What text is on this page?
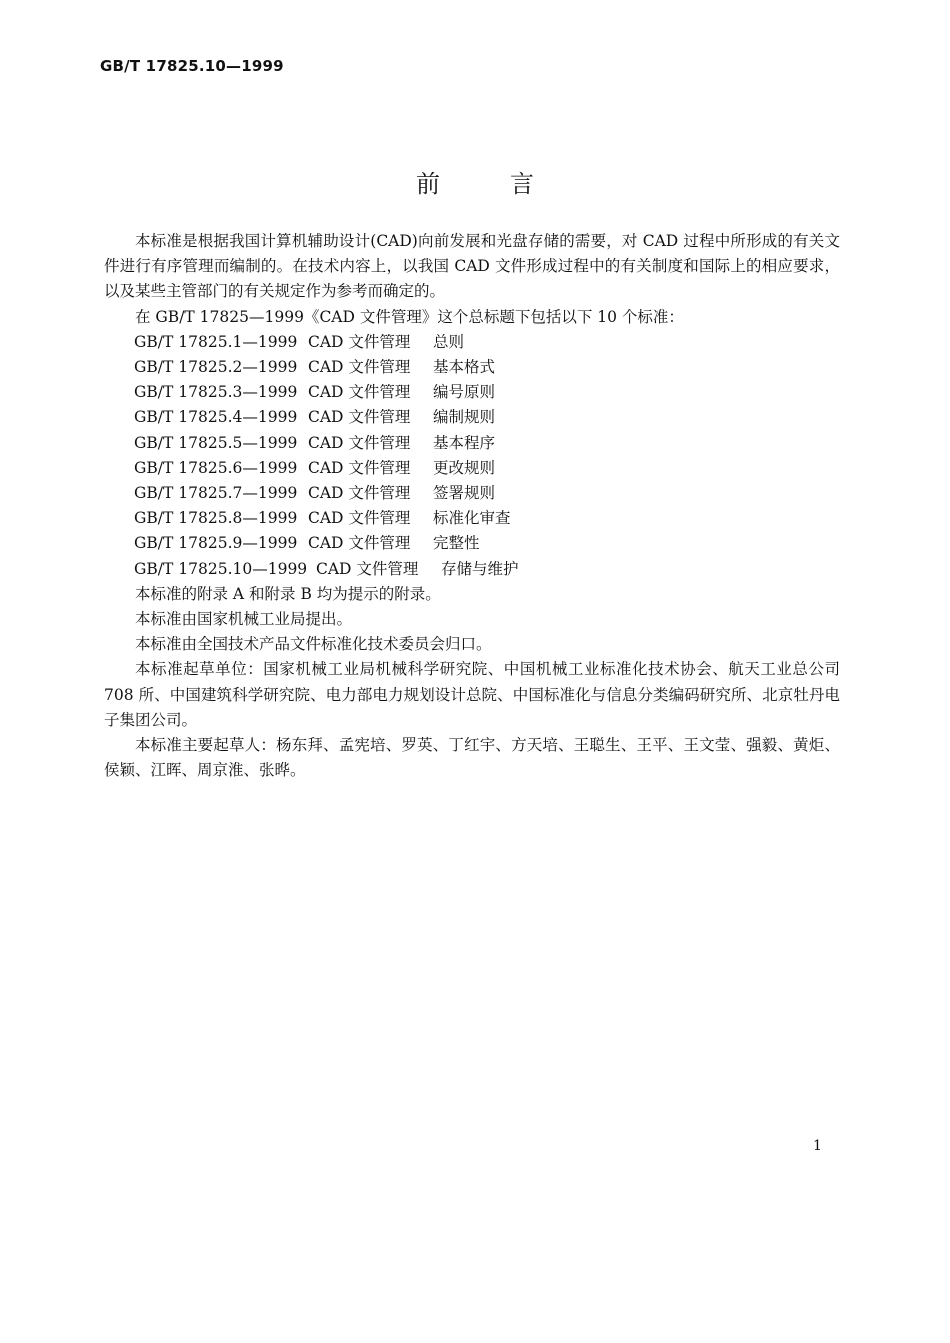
GB/T 17825.10—1999
前言

本标准是根据我国计算机辅助设计(CAD)向前发展和光盘存储的需要，对 CAD 过程中所形成的有关文件进行有序管理而编制的。在技术内容上，以我国 CAD 文件形成过程中的有关制度和国际上的相应要求，以及某些主管部门的有关规定作为参考而确定的。

在 GB/T 17825—1999《CAD 文件管理》这个总标题下包括以下 10 个标准：

GB/T 17825.1—1999 CAD 文件管理 总则
GB/T 17825.2—1999 CAD 文件管理 基本格式
GB/T 17825.3—1999 CAD 文件管理 编号原则
GB/T 17825.4—1999 CAD 文件管理 编制规则
GB/T 17825.5—1999 CAD 文件管理 基本程序
GB/T 17825.6—1999 CAD 文件管理 更改规则
GB/T 17825.7—1999 CAD 文件管理 签署规则
GB/T 17825.8—1999 CAD 文件管理 标准化审查
GB/T 17825.9—1999 CAD 文件管理 完整性
GB/T 17825.10—1999 CAD 文件管理 存储与维护

本标准的附录 A 和附录 B 均为提示的附录。

本标准由国家机械工业局提出。

本标准由全国技术产品文件标准化技术委员会归口。

本标准起草单位：国家机械工业局机械科学研究院、中国机械工业标准化技术协会、航天工业总公司 708 所、中国建筑科学研究院、电力部电力规划设计总院、中国标准化与信息分类编码研究所、北京牡丹电子集团公司。

本标准主要起草人：杨东拜、孟宪培、罗英、丁红宇、方天培、王聪生、王平、王文莹、强毅、黄炬、侯颖、江晖、周京淮、张晔。

1
